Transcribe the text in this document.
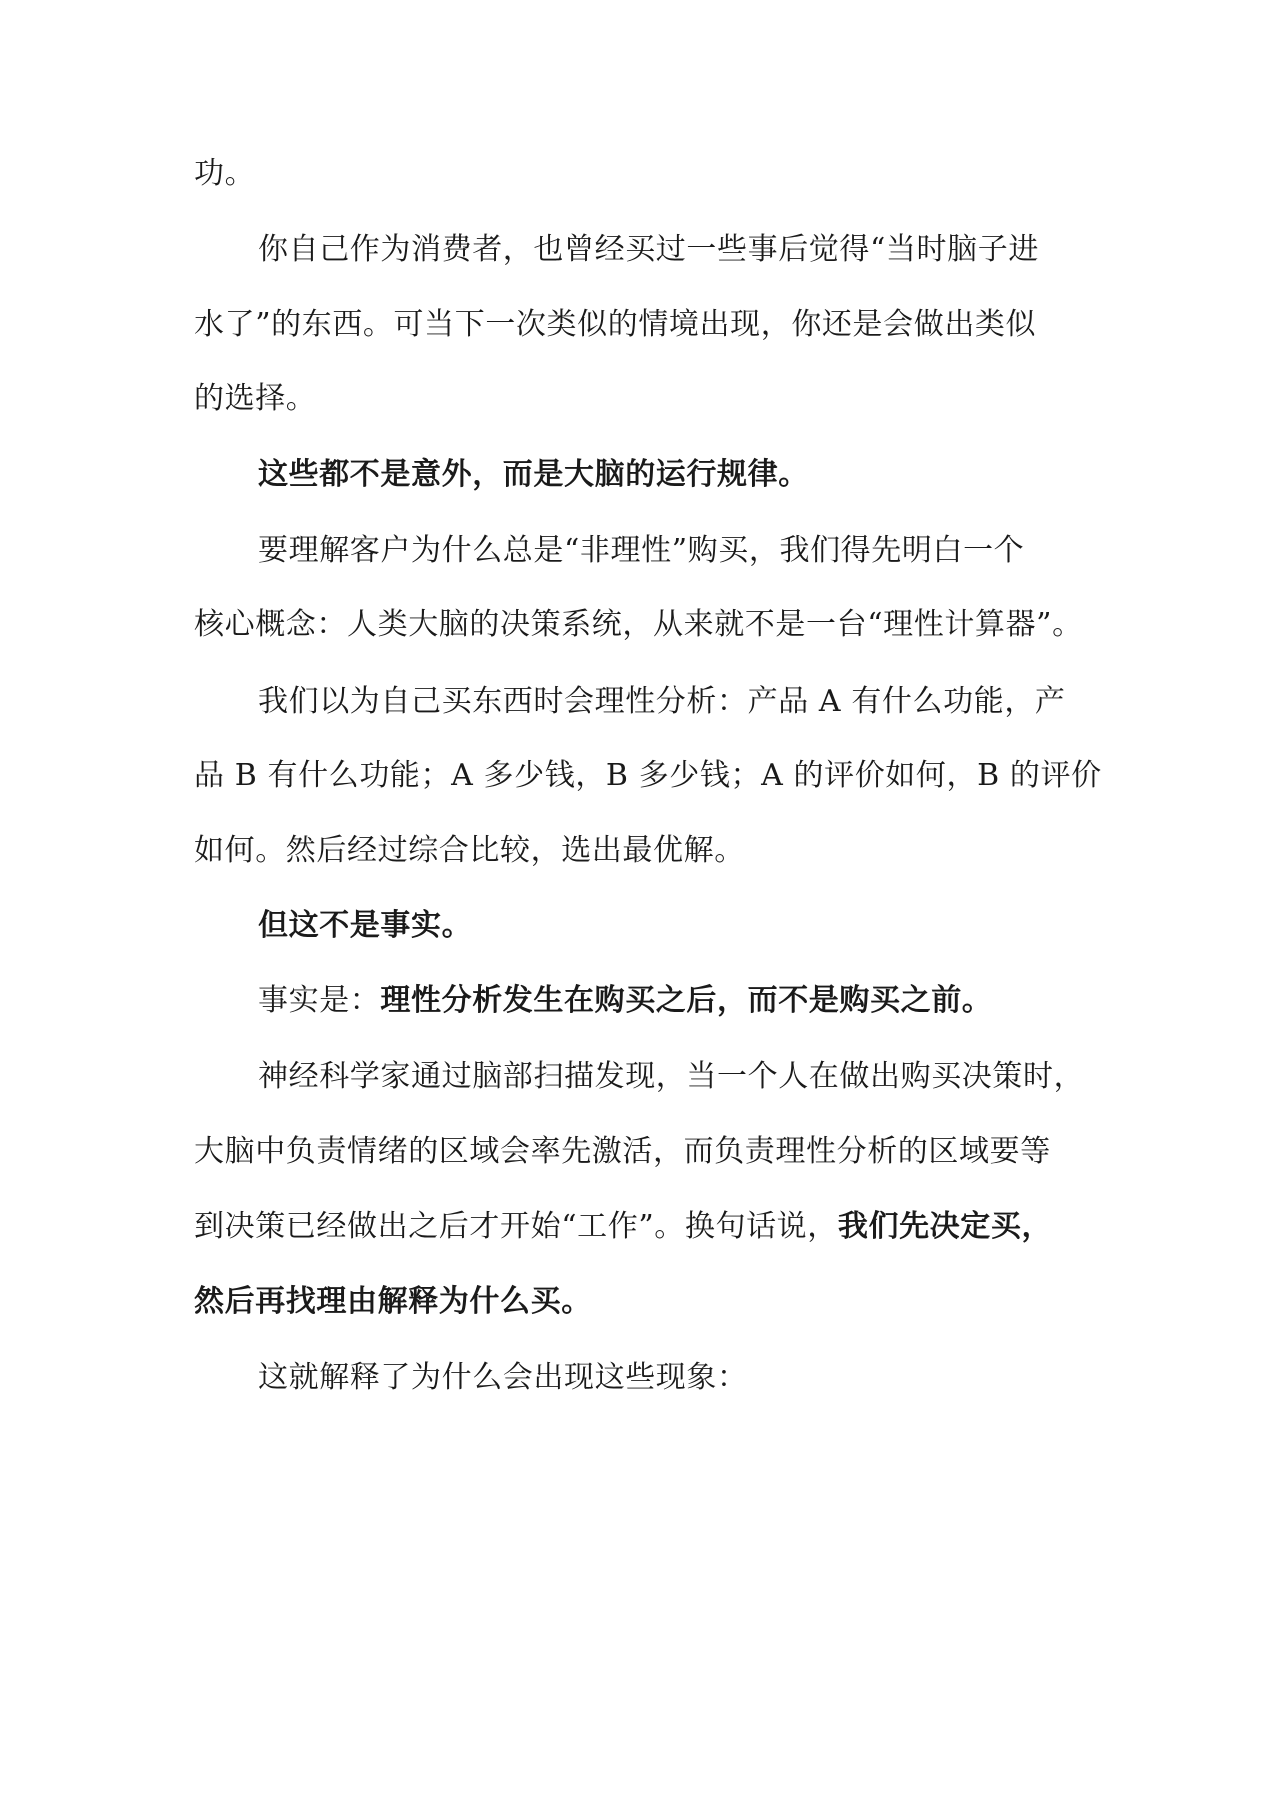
功。
你自己作为消费者，也曾经买过一些事后觉得“当时脑子进
水了”的东西。可当下一次类似的情境出现，你还是会做出类似
的选择。
这些都不是意外，而是大脑的运行规律。
要理解客户为什么总是“非理性”购买，我们得先明白一个
核心概念：人类大脑的决策系统，从来就不是一台“理性计算器”。
我们以为自己买东西时会理性分析：产品 A 有什么功能，产
品 B 有什么功能；A 多少钱，B 多少钱；A 的评价如何，B 的评价
如何。然后经过综合比较，选出最优解。
但这不是事实。
事实是：理性分析发生在购买之后，而不是购买之前。
神经科学家通过脑部扫描发现，当一个人在做出购买决策时，
大脑中负责情绪的区域会率先激活，而负责理性分析的区域要等
到决策已经做出之后才开始“工作”。换句话说，我们先决定买，
然后再找理由解释为什么买。
这就解释了为什么会出现这些现象：
